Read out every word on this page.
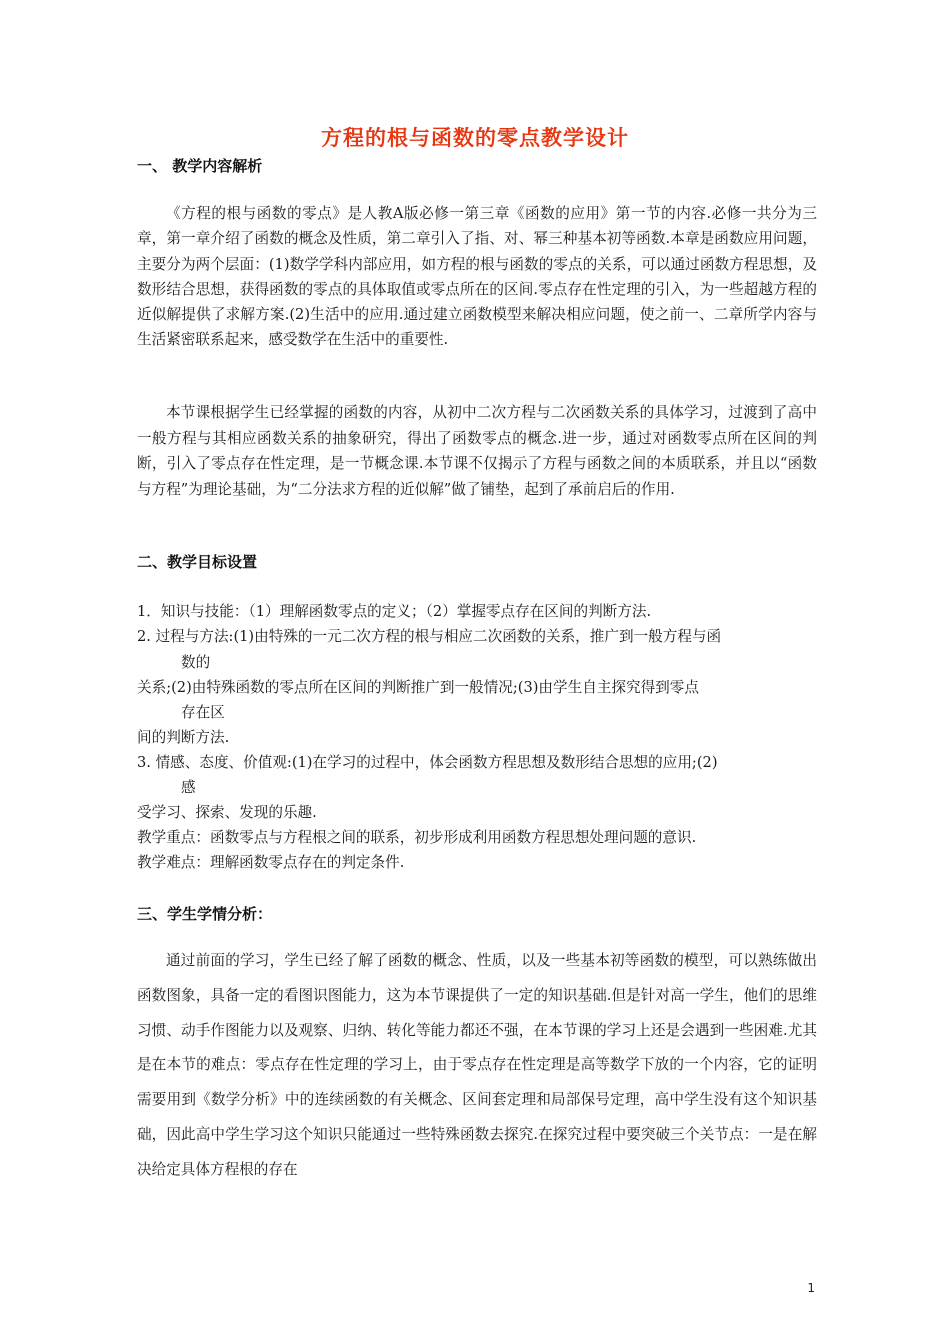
方程的根与函数的零点教学设计
一、 教学内容解析
《方程的根与函数的零点》是人教A版必修一第三章《函数的应用》第一节的内容.必修一共分为三章，第一章介绍了函数的概念及性质，第二章引入了指、对、幂三种基本初等函数.本章是函数应用问题，主要分为两个层面：(1)数学学科内部应用，如方程的根与函数的零点的关系，可以通过函数方程思想，及数形结合思想，获得函数的零点的具体取值或零点所在的区间.零点存在性定理的引入，为一些超越方程的近似解提供了求解方案.(2)生活中的应用.通过建立函数模型来解决相应问题，使之前一、二章所学内容与生活紧密联系起来，感受数学在生活中的重要性.
本节课根据学生已经掌握的函数的内容，从初中二次方程与二次函数关系的具体学习，过渡到了高中一般方程与其相应函数关系的抽象研究，得出了函数零点的概念.进一步，通过对函数零点所在区间的判断，引入了零点存在性定理，是一节概念课.本节课不仅揭示了方程与函数之间的本质联系，并且以“函数与方程”为理论基础，为“二分法求方程的近似解”做了铺垫，起到了承前启后的作用.
二、教学目标设置
1．知识与技能：（1）理解函数零点的定义；（2）掌握零点存在区间的判断方法.
2. 过程与方法:(1)由特殊的一元二次方程的根与相应二次函数的关系，推广到一般方程与函
数的
关系;(2)由特殊函数的零点所在区间的判断推广到一般情况;(3)由学生自主探究得到零点
存在区
间的判断方法.
3. 情感、态度、价值观:(1)在学习的过程中，体会函数方程思想及数形结合思想的应用;(2)
感
受学习、探索、发现的乐趣.
教学重点：函数零点与方程根之间的联系，初步形成利用函数方程思想处理问题的意识.
教学难点：理解函数零点存在的判定条件.
三、学生学情分析：
通过前面的学习，学生已经了解了函数的概念、性质，以及一些基本初等函数的模型，可以熟练做出函数图象，具备一定的看图识图能力，这为本节课提供了一定的知识基础.但是针对高一学生，他们的思维习惯、动手作图能力以及观察、归纳、转化等能力都还不强，在本节课的学习上还是会遇到一些困难.尤其是在本节的难点：零点存在性定理的学习上，由于零点存在性定理是高等数学下放的一个内容，它的证明需要用到《数学分析》中的连续函数的有关概念、区间套定理和局部保号定理，高中学生没有这个知识基础，因此高中学生学习这个知识只能通过一些特殊函数去探究.在探究过程中要突破三个关节点：一是在解决给定具体方程根的存在
1
